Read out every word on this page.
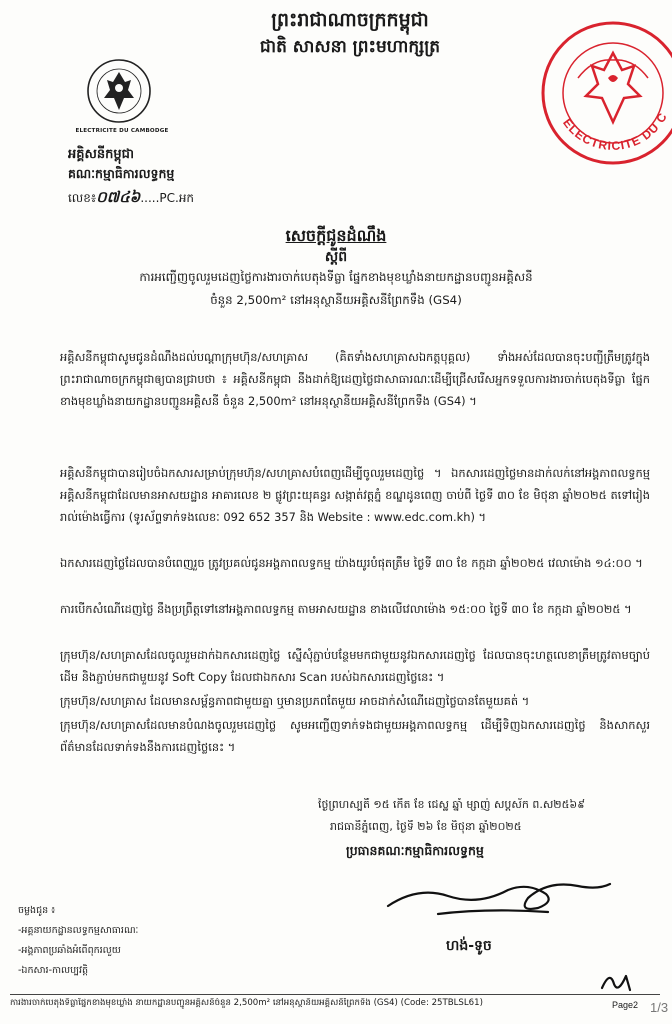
ព្រះរាជាណាចក្រកម្ពុជា
ជាតិ សាសនា ព្រះមហាក្សត្រ
ELECTRICITE DU CAMBODGE	ELECTRICITE DU C
អគ្គិសនីកម្ពុជា
គណៈកម្មាធិការលទ្ធកម្ម
លេខ៖០៧៤៦.....PC.អក
សេចក្តីជូនដំណឹង
ស្តីពី
ការអញ្ជើញចូលរួមដេញថ្លៃការងារចាក់បេតុងទីធ្លា ផ្នែកខាងមុខឃ្លាំងនាយកដ្ឋានបញ្ជូនអគ្គិសនី
ចំនួន 2,500m² នៅអនុស្ថានីយអគ្គិសនីព្រែកទឹង (GS4)
អគ្គិសនីកម្ពុជាសូមជូនដំណឹងដល់បណ្តាក្រុមហ៊ុន/សហគ្រាស (គិតទាំងសហគ្រាសឯកត្តបុគ្គល) ទាំងអស់ដែលបានចុះបញ្ជីត្រឹមត្រូវក្នុងព្រះរាជាណាចក្រកម្ពុជាឲ្យបានជ្រាបថា ៖ អគ្គិសនីកម្ពុជា នឹងដាក់ឱ្យដេញថ្លៃជាសាធារណៈដើម្បីជ្រើសរើសអ្នកទទួលការងារចាក់បេតុងទីធ្លា ផ្នែកខាងមុខឃ្លាំងនាយកដ្ឋានបញ្ជូនអគ្គិសនី ចំនួន 2,500m² នៅអនុស្ថានីយអគ្គិសនីព្រែកទឹង (GS4) ។
អគ្គិសនីកម្ពុជាបានរៀបចំឯកសារសម្រាប់ក្រុមហ៊ុន/សហគ្រាសបំពេញដើម្បីចូលរួមដេញថ្លៃ ។ ឯកសារដេញថ្លៃមានដាក់លក់នៅអង្គភាពលទ្ធកម្មអគ្គិសនីកម្ពុជាដែលមានអាសយដ្ឋាន អាគារលេខ ២ ផ្លូវព្រះយុគន្ធរ សង្កាត់វត្តភ្នំ ខណ្ឌដូនពេញ ចាប់ពី ថ្ងៃទី ៣០ ខែ មិថុនា ឆ្នាំ២០២៥ តទៅរៀងរាល់ម៉ោងធ្វើការ (ទូរស័ព្ទទាក់ទងលេខៈ 092 652 357 និង Website : www.edc.com.kh) ។
ឯកសារដេញថ្លៃដែលបានបំពេញរួច ត្រូវប្រគល់ជូនអង្គភាពលទ្ធកម្ម យ៉ាងយូរបំផុតត្រឹម ថ្ងៃទី ៣០ ខែ កក្កដា ឆ្នាំ២០២៥ វេលាម៉ោង ១៤:០០ ។
ការបើកសំណើដេញថ្លៃ នឹងប្រព្រឹត្តទៅនៅអង្គភាពលទ្ធកម្ម តាមអាសយដ្ឋាន ខាងលើវេលាម៉ោង ១៥:០០ ថ្ងៃទី ៣០ ខែ កក្កដា ឆ្នាំ២០២៥ ។
ក្រុមហ៊ុន/សហគ្រាសដែលចូលរួមដាក់ឯកសារដេញថ្លៃ ស្នើសុំភ្ជាប់បន្ថែមមកជាមួយនូវឯកសារដេញថ្លៃ ដែលបានចុះហត្ថលេខាត្រឹមត្រូវតាមច្បាប់ដើម និងភ្ជាប់មកជាមួយនូវ Soft Copy ដែលជាឯកសារ Scan របស់ឯកសារដេញថ្លៃនេះ ។
ក្រុមហ៊ុន/សហគ្រាស ដែលមានសម្ព័ន្ធភាពជាមួយគ្នា ឬមានប្រភពតែមួយ អាចដាក់សំណើដេញថ្លៃបានតែមួយគត់ ។
ក្រុមហ៊ុន/សហគ្រាសដែលមានបំណងចូលរួមដេញថ្លៃ សូមអញ្ជើញទាក់ទងជាមួយអង្គភាពលទ្ធកម្ម ដើម្បីទិញឯកសារដេញថ្លៃ និងសាកសួរព័ត៌មានដែលទាក់ទងនឹងការដេញថ្លៃនេះ ។
ថ្ងៃព្រហស្បតិ៍ ១៥ កើត ខែ ជេស្ឋ ឆ្នាំ ម្សាញ់ សប្តស័ក ព.ស២៥៦៩
រាជធានីភ្នំពេញ, ថ្ងៃទី ២៦ ខែ មិថុនា ឆ្នាំ២០២៥
ប្រធានគណៈកម្មាធិការលទ្ធកម្ម
ហង់-ទូច
ចម្លងជូន ៖
-អគ្គនាយកដ្ឋានលទ្ធកម្មសាធារណៈ
-អង្គភាពប្រឆាំងអំពើពុករលួយ
-ឯកសារ-កាលប្បវត្តិ
ការងារចាក់បេតុងទីធ្លាផ្នែកខាងមុខឃ្លាំង នាយកដ្ឋានបញ្ជូនអគ្គិសនីចំនួន 2,500m² នៅអនុស្ថានីយអគ្គិសនីព្រែកទឹង (GS4) (Code: 25TBLSL61)	Page2 1/3
